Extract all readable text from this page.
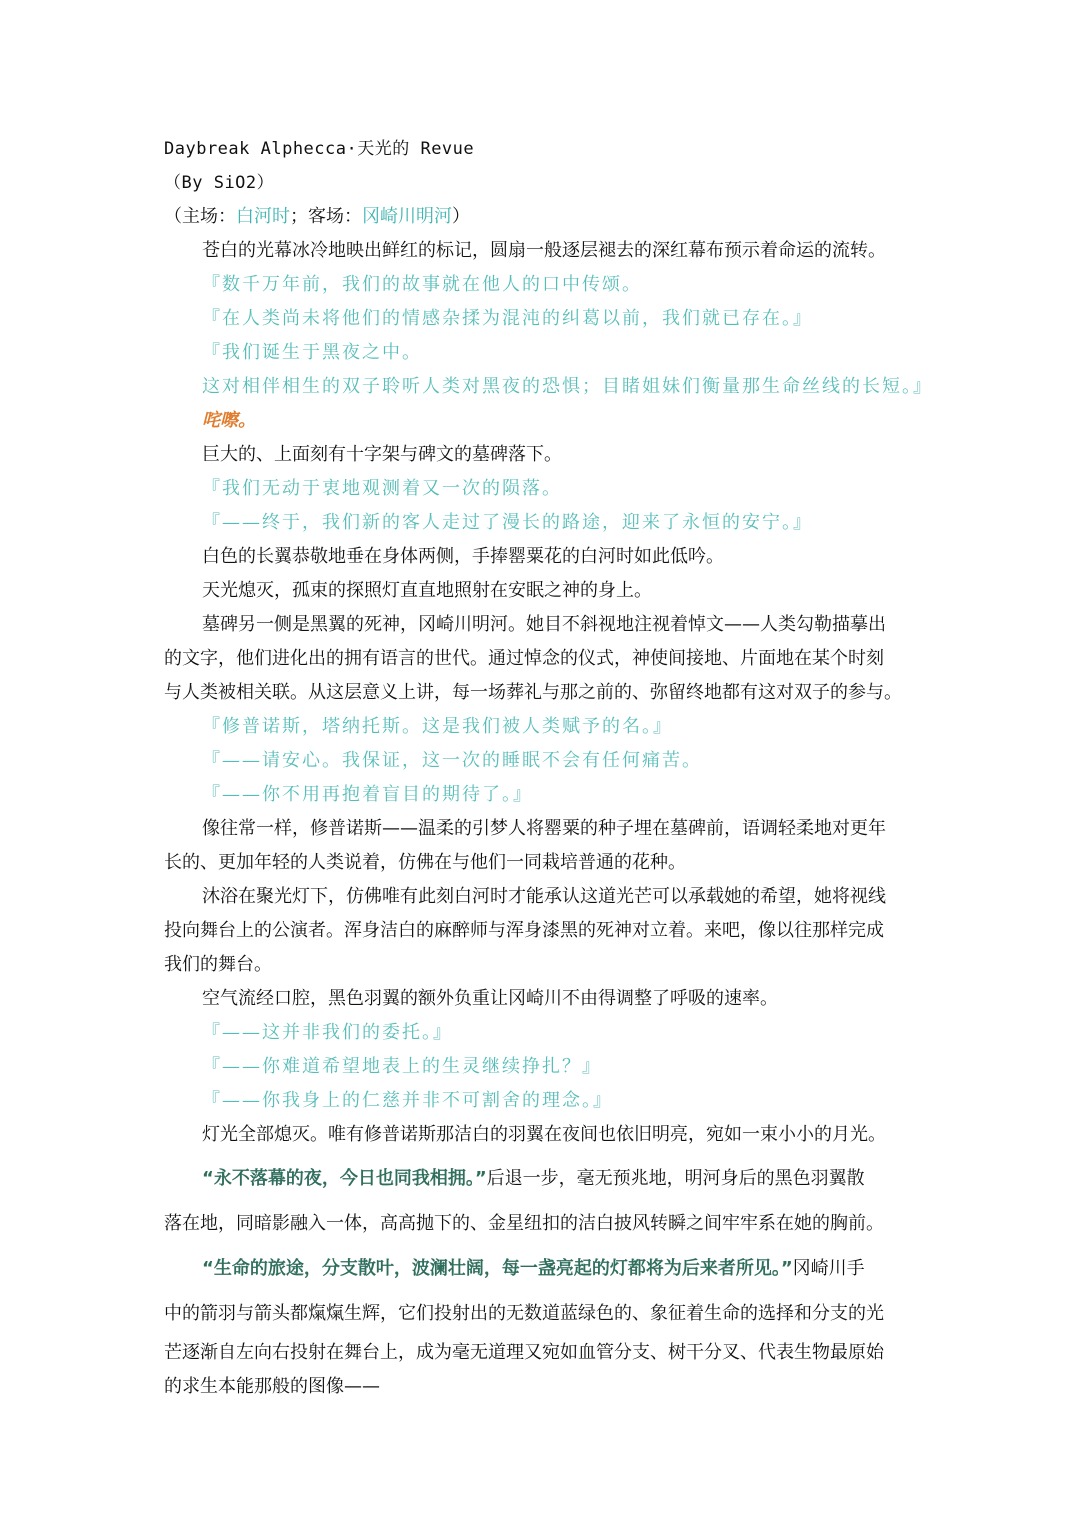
Daybreak Alphecca·天光的 Revue
（By SiO2）
（主场：白河时；客场：冈崎川明河）
苍白的光幕冰冷地映出鲜红的标记，圆扇一般逐层褪去的深红幕布预示着命运的流转。
『数千万年前，我们的故事就在他人的口中传颂。
『在人类尚未将他们的情感杂揉为混沌的纠葛以前，我们就已存在。』
『我们诞生于黑夜之中。
这对相伴相生的双子聆听人类对黑夜的恐惧；目睹姐妹们衡量那生命丝线的长短。』
咤嚓。
巨大的、上面刻有十字架与碑文的墓碑落下。
『我们无动于衷地观测着又一次的陨落。
『——终于，我们新的客人走过了漫长的路途，迎来了永恒的安宁。』
白色的长翼恭敬地垂在身体两侧，手捧罂粟花的白河时如此低吟。
天光熄灭，孤束的探照灯直直地照射在安眠之神的身上。
墓碑另一侧是黑翼的死神，冈崎川明河。她目不斜视地注视着悼文——人类勾勒描摹出
的文字，他们进化出的拥有语言的世代。通过悼念的仪式，神使间接地、片面地在某个时刻
与人类被相关联。从这层意义上讲，每一场葬礼与那之前的、弥留终地都有这对双子的参与。
『修普诺斯，塔纳托斯。这是我们被人类赋予的名。』
『——请安心。我保证，这一次的睡眠不会有任何痛苦。
『——你不用再抱着盲目的期待了。』
像往常一样，修普诺斯——温柔的引梦人将罂粟的种子埋在墓碑前，语调轻柔地对更年
长的、更加年轻的人类说着，仿佛在与他们一同栽培普通的花种。
沐浴在聚光灯下，仿佛唯有此刻白河时才能承认这道光芒可以承载她的希望，她将视线
投向舞台上的公演者。浑身洁白的麻醉师与浑身漆黑的死神对立着。来吧，像以往那样完成
我们的舞台。
空气流经口腔，黑色羽翼的额外负重让冈崎川不由得调整了呼吸的速率。
『——这并非我们的委托。』
『——你难道希望地表上的生灵继续挣扎？』
『——你我身上的仁慈并非不可割舍的理念。』
灯光全部熄灭。唯有修普诺斯那洁白的羽翼在夜间也依旧明亮，宛如一束小小的月光。
“永不落幕的夜，今日也同我相拥。”后退一步，毫无预兆地，明河身后的黑色羽翼散
落在地，同暗影融入一体，高高抛下的、金星纽扣的洁白披风转瞬之间牢牢系在她的胸前。
“生命的旅途，分支散叶，波澜壮阔，每一盏亮起的灯都将为后来者所见。”冈崎川手
中的箭羽与箭头都熂熂生辉，它们投射出的无数道蓝绿色的、象征着生命的选择和分支的光
芒逐渐自左向右投射在舞台上，成为毫无道理又宛如血管分支、树干分叉、代表生物最原始
的求生本能那般的图像——
